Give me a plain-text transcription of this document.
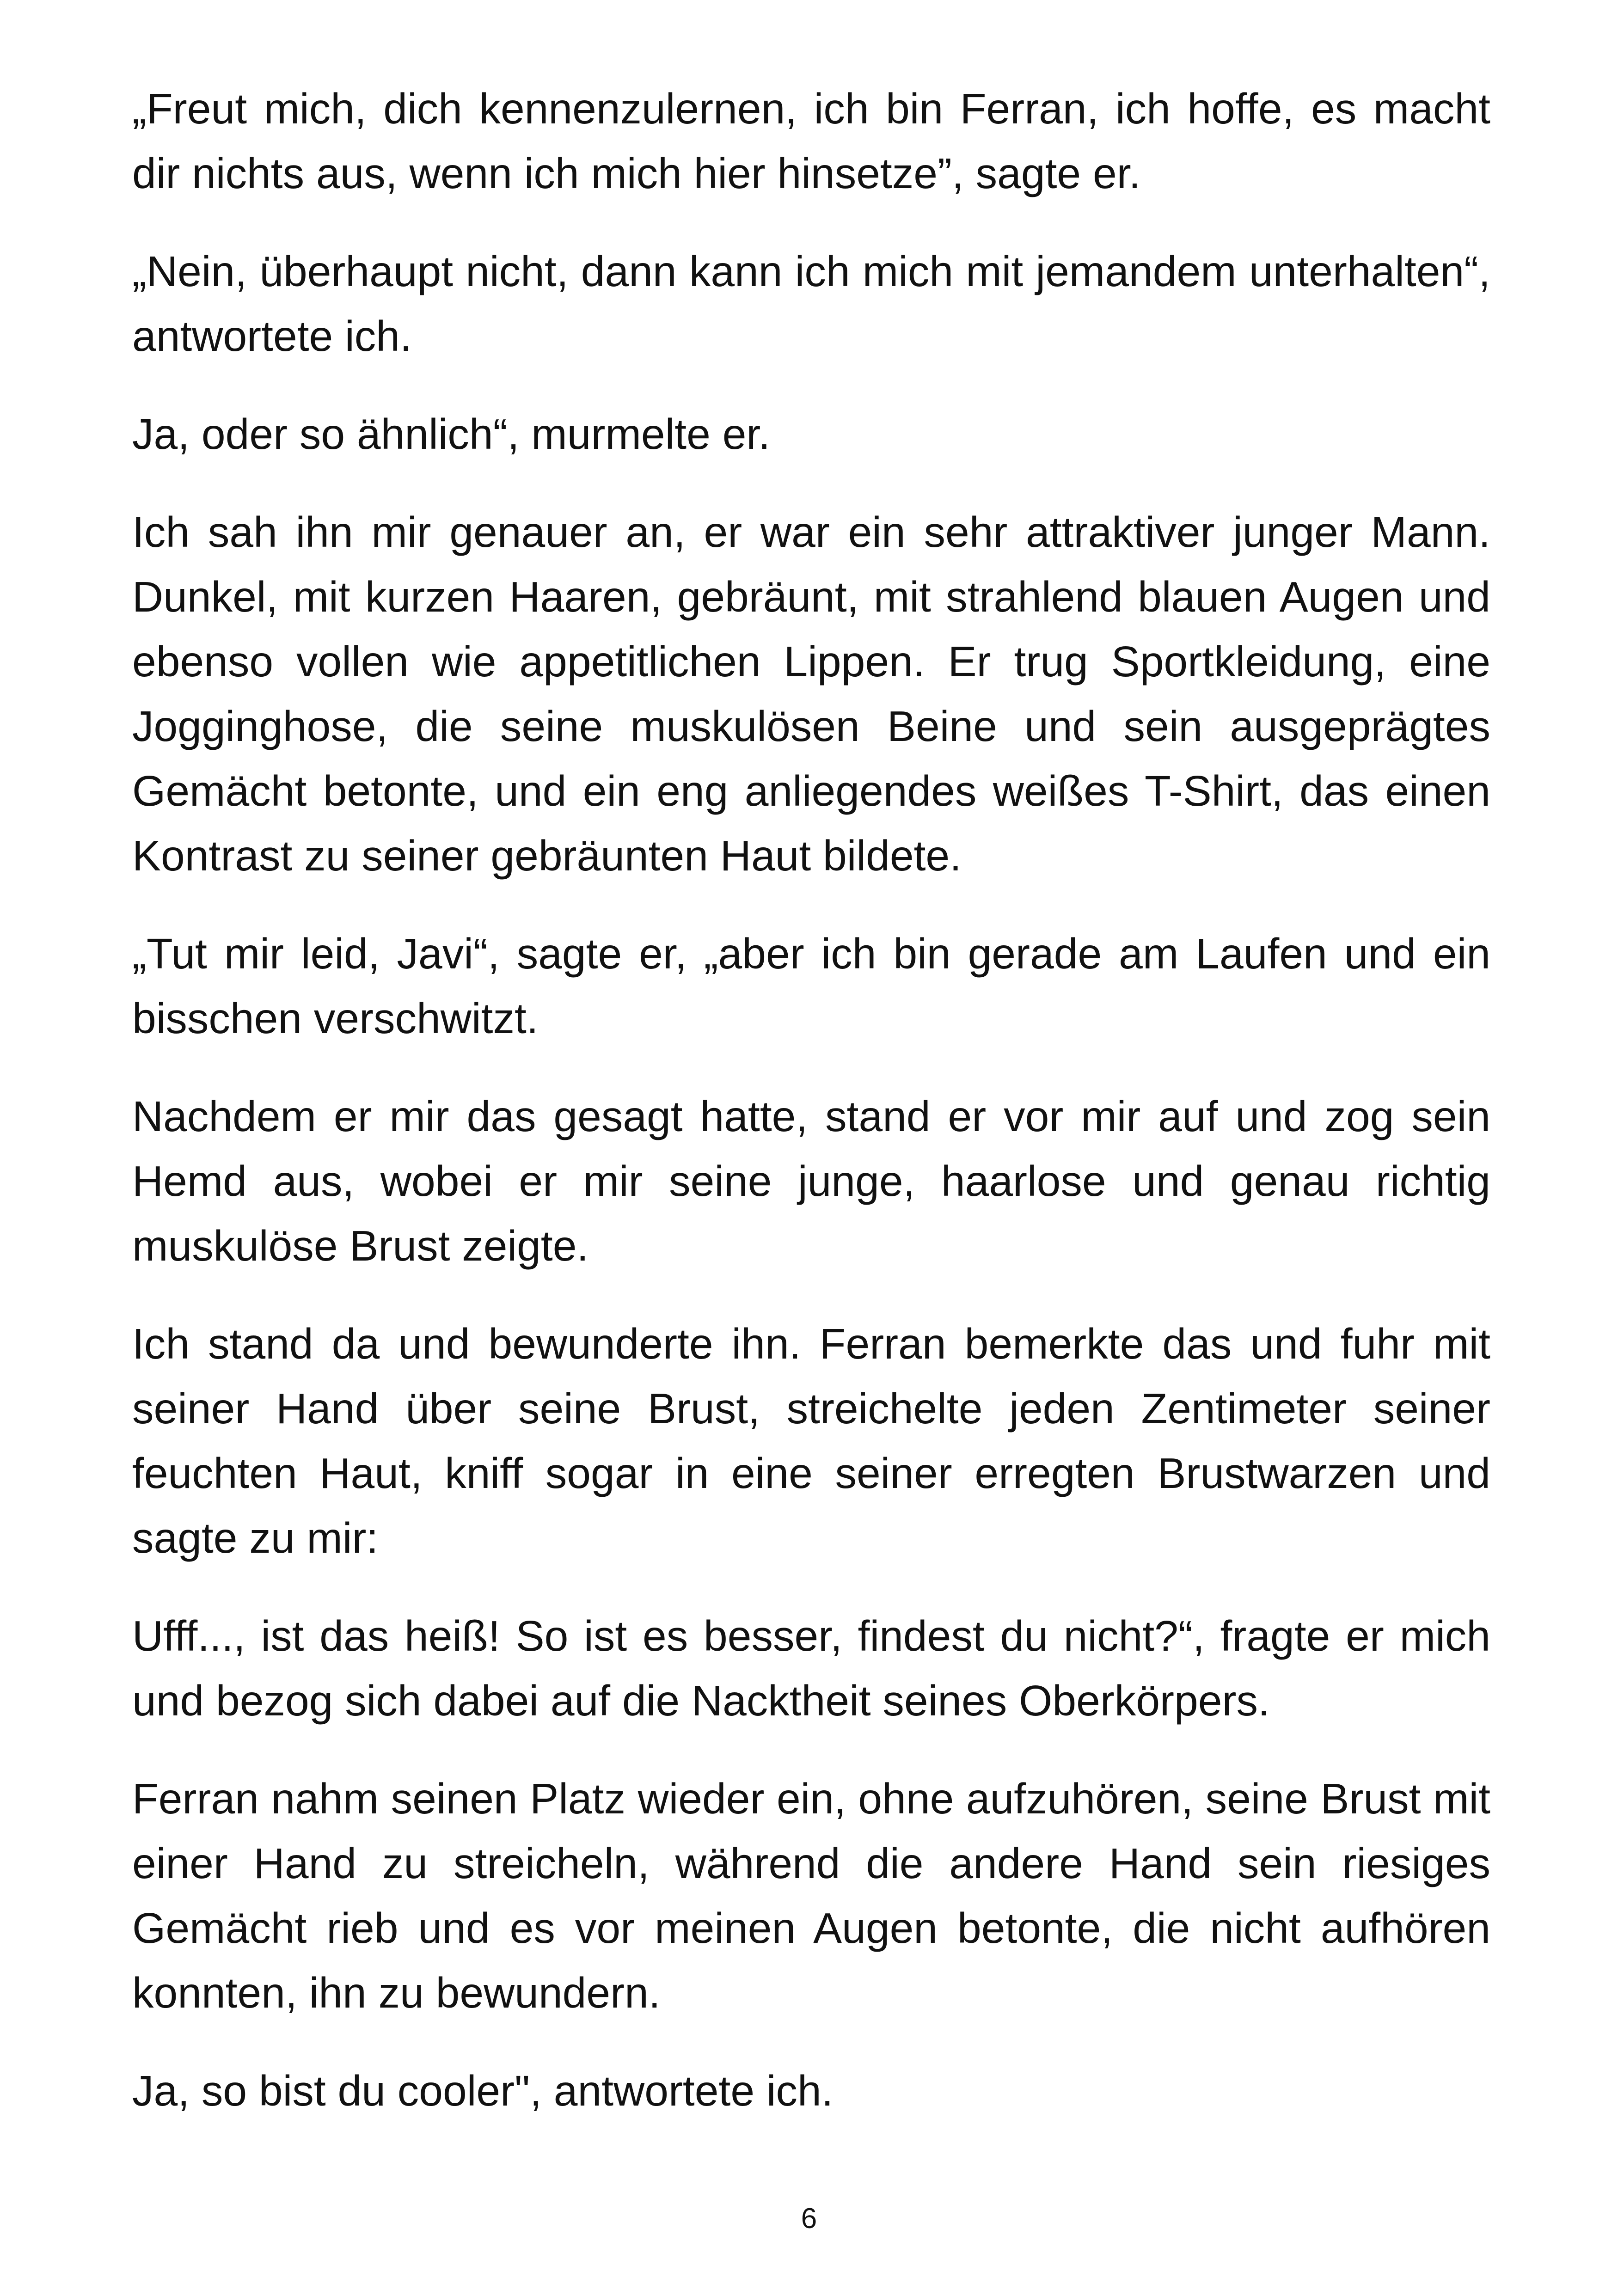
„Freut mich, dich kennenzulernen, ich bin Ferran, ich hoffe, es macht dir nichts aus, wenn ich mich hier hinsetze”, sagte er.

„Nein, überhaupt nicht, dann kann ich mich mit jemandem unterhalten“, antwortete ich.

Ja, oder so ähnlich“, murmelte er.

Ich sah ihn mir genauer an, er war ein sehr attraktiver junger Mann. Dunkel, mit kurzen Haaren, gebräunt, mit strahlend blauen Augen und ebenso vollen wie appetitlichen Lippen. Er trug Sportkleidung, eine Jogginghose, die seine muskulösen Beine und sein ausgeprägtes Gemächt betonte, und ein eng anliegendes weißes T-Shirt, das einen Kontrast zu seiner gebräunten Haut bildete.

„Tut mir leid, Javi“, sagte er, „aber ich bin gerade am Laufen und ein bisschen verschwitzt.

Nachdem er mir das gesagt hatte, stand er vor mir auf und zog sein Hemd aus, wobei er mir seine junge, haarlose und genau richtig muskulöse Brust zeigte.

Ich stand da und bewunderte ihn. Ferran bemerkte das und fuhr mit seiner Hand über seine Brust, streichelte jeden Zentimeter seiner feuchten Haut, kniff sogar in eine seiner erregten Brustwarzen und sagte zu mir:

Ufff..., ist das heiß! So ist es besser, findest du nicht?“, fragte er mich und bezog sich dabei auf die Nacktheit seines Oberkörpers.

Ferran nahm seinen Platz wieder ein, ohne aufzuhören, seine Brust mit einer Hand zu streicheln, während die andere Hand sein riesiges Gemächt rieb und es vor meinen Augen betonte, die nicht aufhören konnten, ihn zu bewundern.

Ja, so bist du cooler", antwortete ich.

6
